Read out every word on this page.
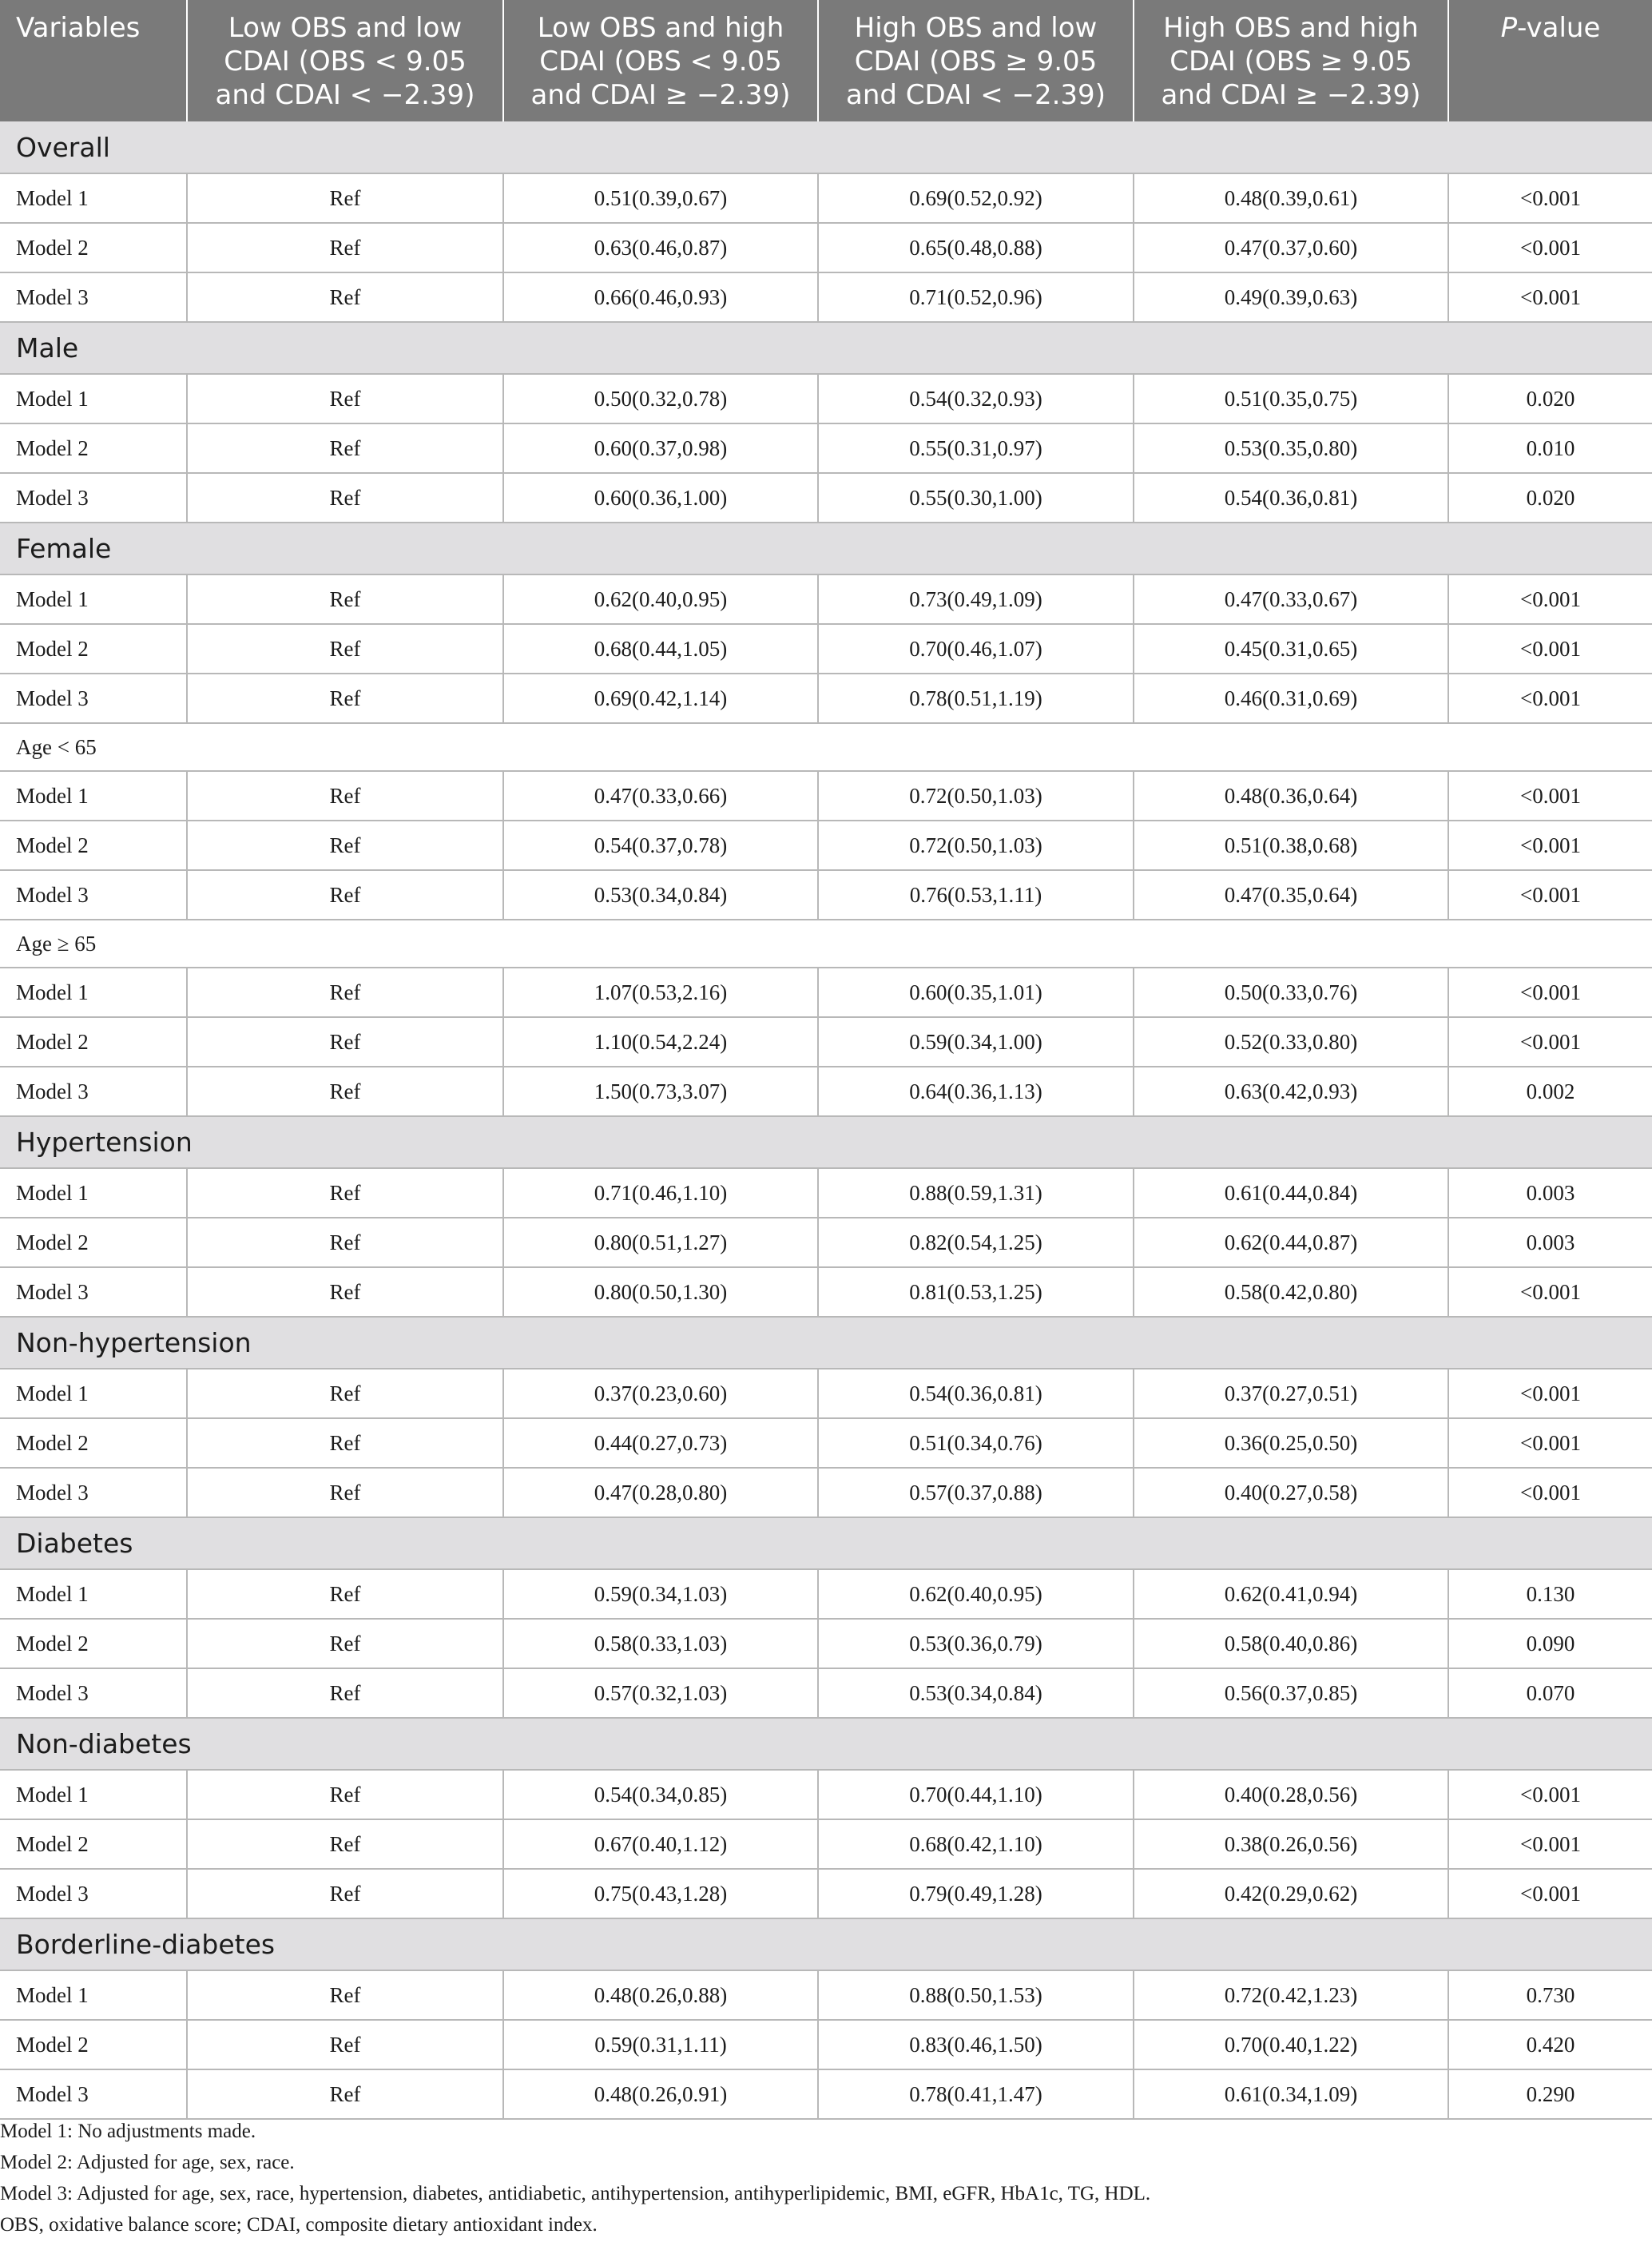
Variables	Low OBS and low CDAI (OBS < 9.05 and CDAI < −2.39)	Low OBS and high CDAI (OBS < 9.05 and CDAI ≥ −2.39)	High OBS and low CDAI (OBS ≥ 9.05 and CDAI < −2.39)	High OBS and high CDAI (OBS ≥ 9.05 and CDAI ≥ −2.39)	P-value
Overall					
Model 1	Ref	0.51(0.39,0.67)	0.69(0.52,0.92)	0.48(0.39,0.61)	<0.001
Model 2	Ref	0.63(0.46,0.87)	0.65(0.48,0.88)	0.47(0.37,0.60)	<0.001
Model 3	Ref	0.66(0.46,0.93)	0.71(0.52,0.96)	0.49(0.39,0.63)	<0.001
Male					
Model 1	Ref	0.50(0.32,0.78)	0.54(0.32,0.93)	0.51(0.35,0.75)	0.020
Model 2	Ref	0.60(0.37,0.98)	0.55(0.31,0.97)	0.53(0.35,0.80)	0.010
Model 3	Ref	0.60(0.36,1.00)	0.55(0.30,1.00)	0.54(0.36,0.81)	0.020
Female					
Model 1	Ref	0.62(0.40,0.95)	0.73(0.49,1.09)	0.47(0.33,0.67)	<0.001
Model 2	Ref	0.68(0.44,1.05)	0.70(0.46,1.07)	0.45(0.31,0.65)	<0.001
Model 3	Ref	0.69(0.42,1.14)	0.78(0.51,1.19)	0.46(0.31,0.69)	<0.001
Age < 65					
Model 1	Ref	0.47(0.33,0.66)	0.72(0.50,1.03)	0.48(0.36,0.64)	<0.001
Model 2	Ref	0.54(0.37,0.78)	0.72(0.50,1.03)	0.51(0.38,0.68)	<0.001
Model 3	Ref	0.53(0.34,0.84)	0.76(0.53,1.11)	0.47(0.35,0.64)	<0.001
Age ≥ 65					
Model 1	Ref	1.07(0.53,2.16)	0.60(0.35,1.01)	0.50(0.33,0.76)	<0.001
Model 2	Ref	1.10(0.54,2.24)	0.59(0.34,1.00)	0.52(0.33,0.80)	<0.001
Model 3	Ref	1.50(0.73,3.07)	0.64(0.36,1.13)	0.63(0.42,0.93)	0.002
Hypertension					
Model 1	Ref	0.71(0.46,1.10)	0.88(0.59,1.31)	0.61(0.44,0.84)	0.003
Model 2	Ref	0.80(0.51,1.27)	0.82(0.54,1.25)	0.62(0.44,0.87)	0.003
Model 3	Ref	0.80(0.50,1.30)	0.81(0.53,1.25)	0.58(0.42,0.80)	<0.001
Non-hypertension					
Model 1	Ref	0.37(0.23,0.60)	0.54(0.36,0.81)	0.37(0.27,0.51)	<0.001
Model 2	Ref	0.44(0.27,0.73)	0.51(0.34,0.76)	0.36(0.25,0.50)	<0.001
Model 3	Ref	0.47(0.28,0.80)	0.57(0.37,0.88)	0.40(0.27,0.58)	<0.001
Diabetes					
Model 1	Ref	0.59(0.34,1.03)	0.62(0.40,0.95)	0.62(0.41,0.94)	0.130
Model 2	Ref	0.58(0.33,1.03)	0.53(0.36,0.79)	0.58(0.40,0.86)	0.090
Model 3	Ref	0.57(0.32,1.03)	0.53(0.34,0.84)	0.56(0.37,0.85)	0.070
Non-diabetes					
Model 1	Ref	0.54(0.34,0.85)	0.70(0.44,1.10)	0.40(0.28,0.56)	<0.001
Model 2	Ref	0.67(0.40,1.12)	0.68(0.42,1.10)	0.38(0.26,0.56)	<0.001
Model 3	Ref	0.75(0.43,1.28)	0.79(0.49,1.28)	0.42(0.29,0.62)	<0.001
Borderline-diabetes					
Model 1	Ref	0.48(0.26,0.88)	0.88(0.50,1.53)	0.72(0.42,1.23)	0.730
Model 2	Ref	0.59(0.31,1.11)	0.83(0.46,1.50)	0.70(0.40,1.22)	0.420
Model 3	Ref	0.48(0.26,0.91)	0.78(0.41,1.47)	0.61(0.34,1.09)	0.290

Model 1: No adjustments made.

Model 2: Adjusted for age, sex, race.

Model 3: Adjusted for age, sex, race, hypertension, diabetes, antidiabetic, antihypertension, antihyperlipidemic, BMI, eGFR, HbA1c, TG, HDL.

OBS, oxidative balance score; CDAI, composite dietary antioxidant index.
